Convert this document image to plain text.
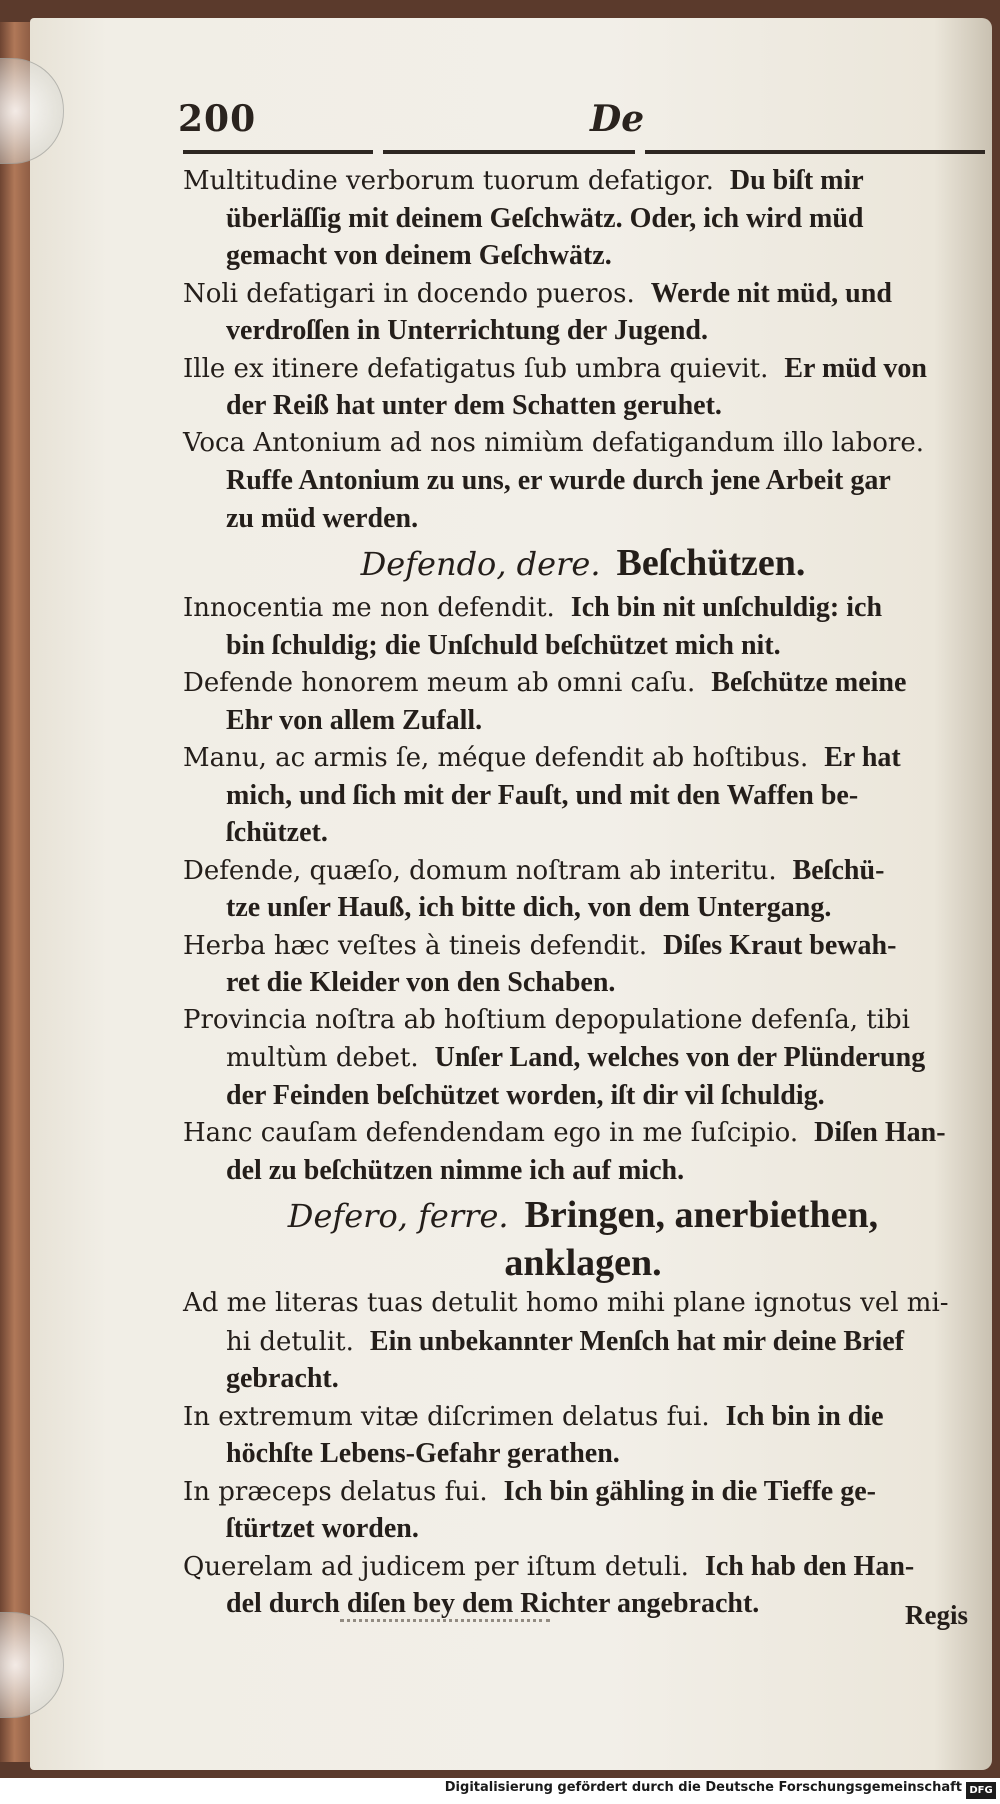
200	De
Multitudine verborum tuorum defatigor. Du biſt mir
überläſſig mit deinem Geſchwätz. Oder, ich wird müd
gemacht von deinem Geſchwätz.
Noli defatigari in docendo pueros. Werde nit müd, und
verdroſſen in Unterrichtung der Jugend.
Ille ex itinere defatigatus ſub umbra quievit. Er müd von
der Reiß hat unter dem Schatten geruhet.
Voca Antonium ad nos nimiùm defatigandum illo labore.
Ruffe Antonium zu uns, er wurde durch jene Arbeit gar
zu müd werden.
Defendo, dere. Beſchützen.
Innocentia me non defendit. Ich bin nit unſchuldig: ich
bin ſchuldig; die Unſchuld beſchützet mich nit.
Defende honorem meum ab omni caſu. Beſchütze meine
Ehr von allem Zufall.
Manu, ac armis ſe, méque defendit ab hoſtibus. Er hat
mich, und ſich mit der Fauſt, und mit den Waffen be-
ſchützet.
Defende, quæſo, domum noſtram ab interitu. Beſchü-
tze unſer Hauß, ich bitte dich, von dem Untergang.
Herba hæc veſtes à tineis defendit. Diſes Kraut bewah-
ret die Kleider von den Schaben.
Provincia noſtra ab hoſtium depopulatione defenſa, tibi
multùm debet. Unſer Land, welches von der Plünderung
der Feinden beſchützet worden, iſt dir vil ſchuldig.
Hanc cauſam defendendam ego in me ſuſcipio. Diſen Han-
del zu beſchützen nimme ich auf mich.
Defero, ferre. Bringen, anerbiethen,
anklagen.
Ad me literas tuas detulit homo mihi plane ignotus vel mi-
hi detulit. Ein unbekannter Menſch hat mir deine Brief
gebracht.
In extremum vitæ diſcrimen delatus fui. Ich bin in die
höchſte Lebens-Gefahr gerathen.
In præceps delatus fui. Ich bin gähling in die Tieffe ge-
ſtürtzet worden.
Querelam ad judicem per iſtum detuli. Ich hab den Han-
del durch diſen bey dem Richter angebracht.	Regis
Digitalisierung gefördert durch die Deutsche Forschungsgemeinschaft DFG
